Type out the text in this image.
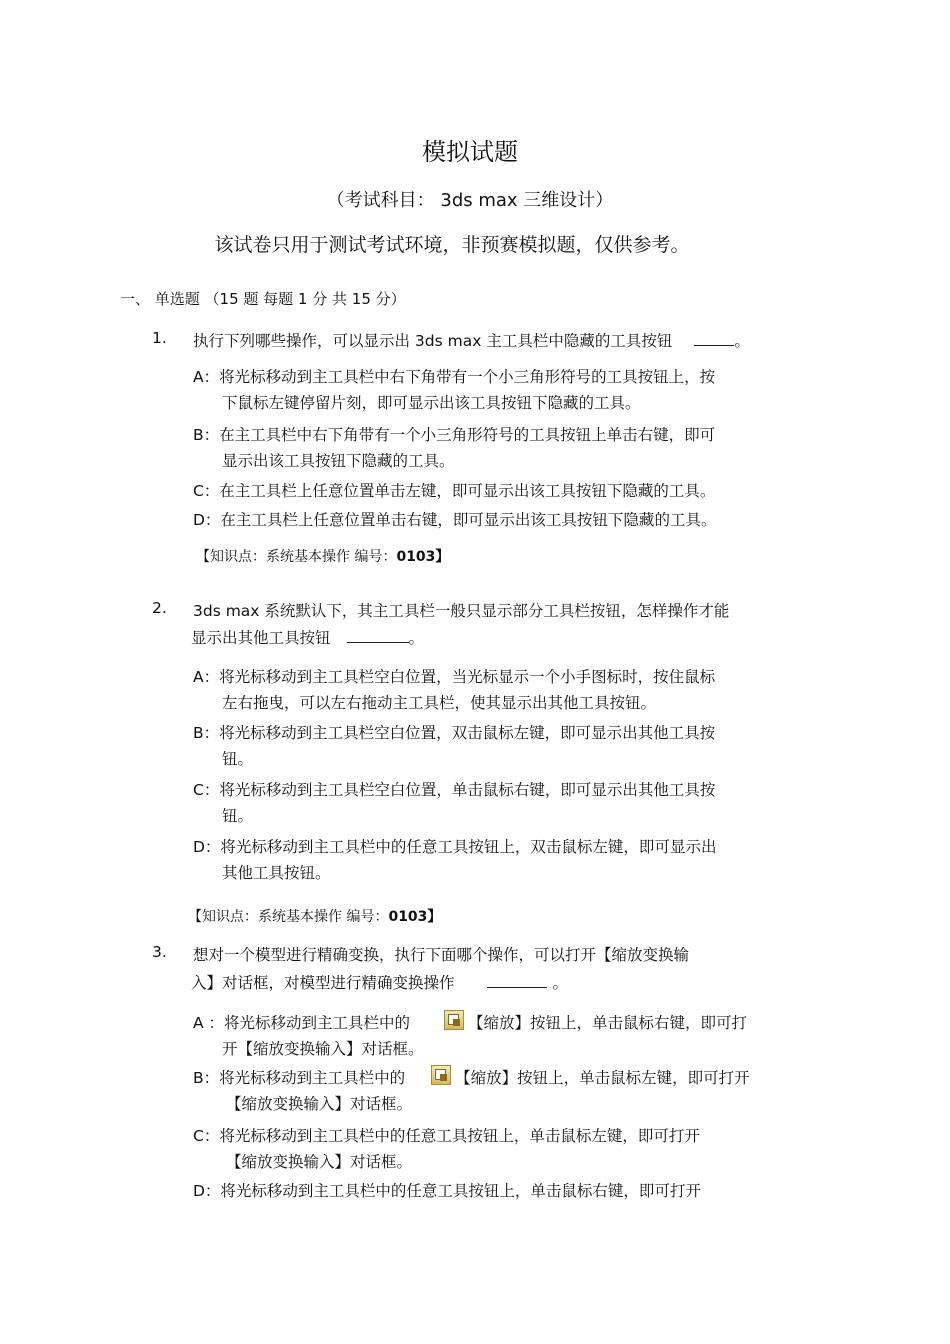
模拟试题
（考试科目： 3ds max 三维设计）
该试卷只用于测试考试环境，非预赛模拟题，仅供参考。
一、 单选题 （15 题 每题 1 分 共 15 分）
1. 执行下列哪些操作，可以显示出 3ds max 主工具栏中隐藏的工具按钮	。
A：将光标移动到主工具栏中右下角带有一个小三角形符号的工具按钮上，按
下鼠标左键停留片刻，即可显示出该工具按钮下隐藏的工具。
B：在主工具栏中右下角带有一个小三角形符号的工具按钮上单击右键，即可
显示出该工具按钮下隐藏的工具。
C：在主工具栏上任意位置单击左键，即可显示出该工具按钮下隐藏的工具。
D：在主工具栏上任意位置单击右键，即可显示出该工具按钮下隐藏的工具。
【知识点：系统基本操作 编号：0103】
2. 3ds max 系统默认下，其主工具栏一般只显示部分工具栏按钮，怎样操作才能
显示出其他工具按钮	。
A：将光标移动到主工具栏空白位置，当光标显示一个小手图标时，按住鼠标
左右拖曳，可以左右拖动主工具栏，使其显示出其他工具按钮。
B：将光标移动到主工具栏空白位置，双击鼠标左键，即可显示出其他工具按
钮。
C：将光标移动到主工具栏空白位置，单击鼠标右键，即可显示出其他工具按
钮。
D：将光标移动到主工具栏中的任意工具按钮上，双击鼠标左键，即可显示出
其他工具按钮。
【知识点：系统基本操作 编号：0103】
3. 想对一个模型进行精确变换，执行下面哪个操作，可以打开【缩放变换输
入】对话框，对模型进行精确变换操作	。
A ：将光标移动到主工具栏中的	【缩放】按钮上，单击鼠标右键，即可打
开【缩放变换输入】对话框。
B：将光标移动到主工具栏中的	【缩放】按钮上，单击鼠标左键，即可打开
【缩放变换输入】对话框。
C：将光标移动到主工具栏中的任意工具按钮上，单击鼠标左键，即可打开
【缩放变换输入】对话框。
D：将光标移动到主工具栏中的任意工具按钮上，单击鼠标右键，即可打开
